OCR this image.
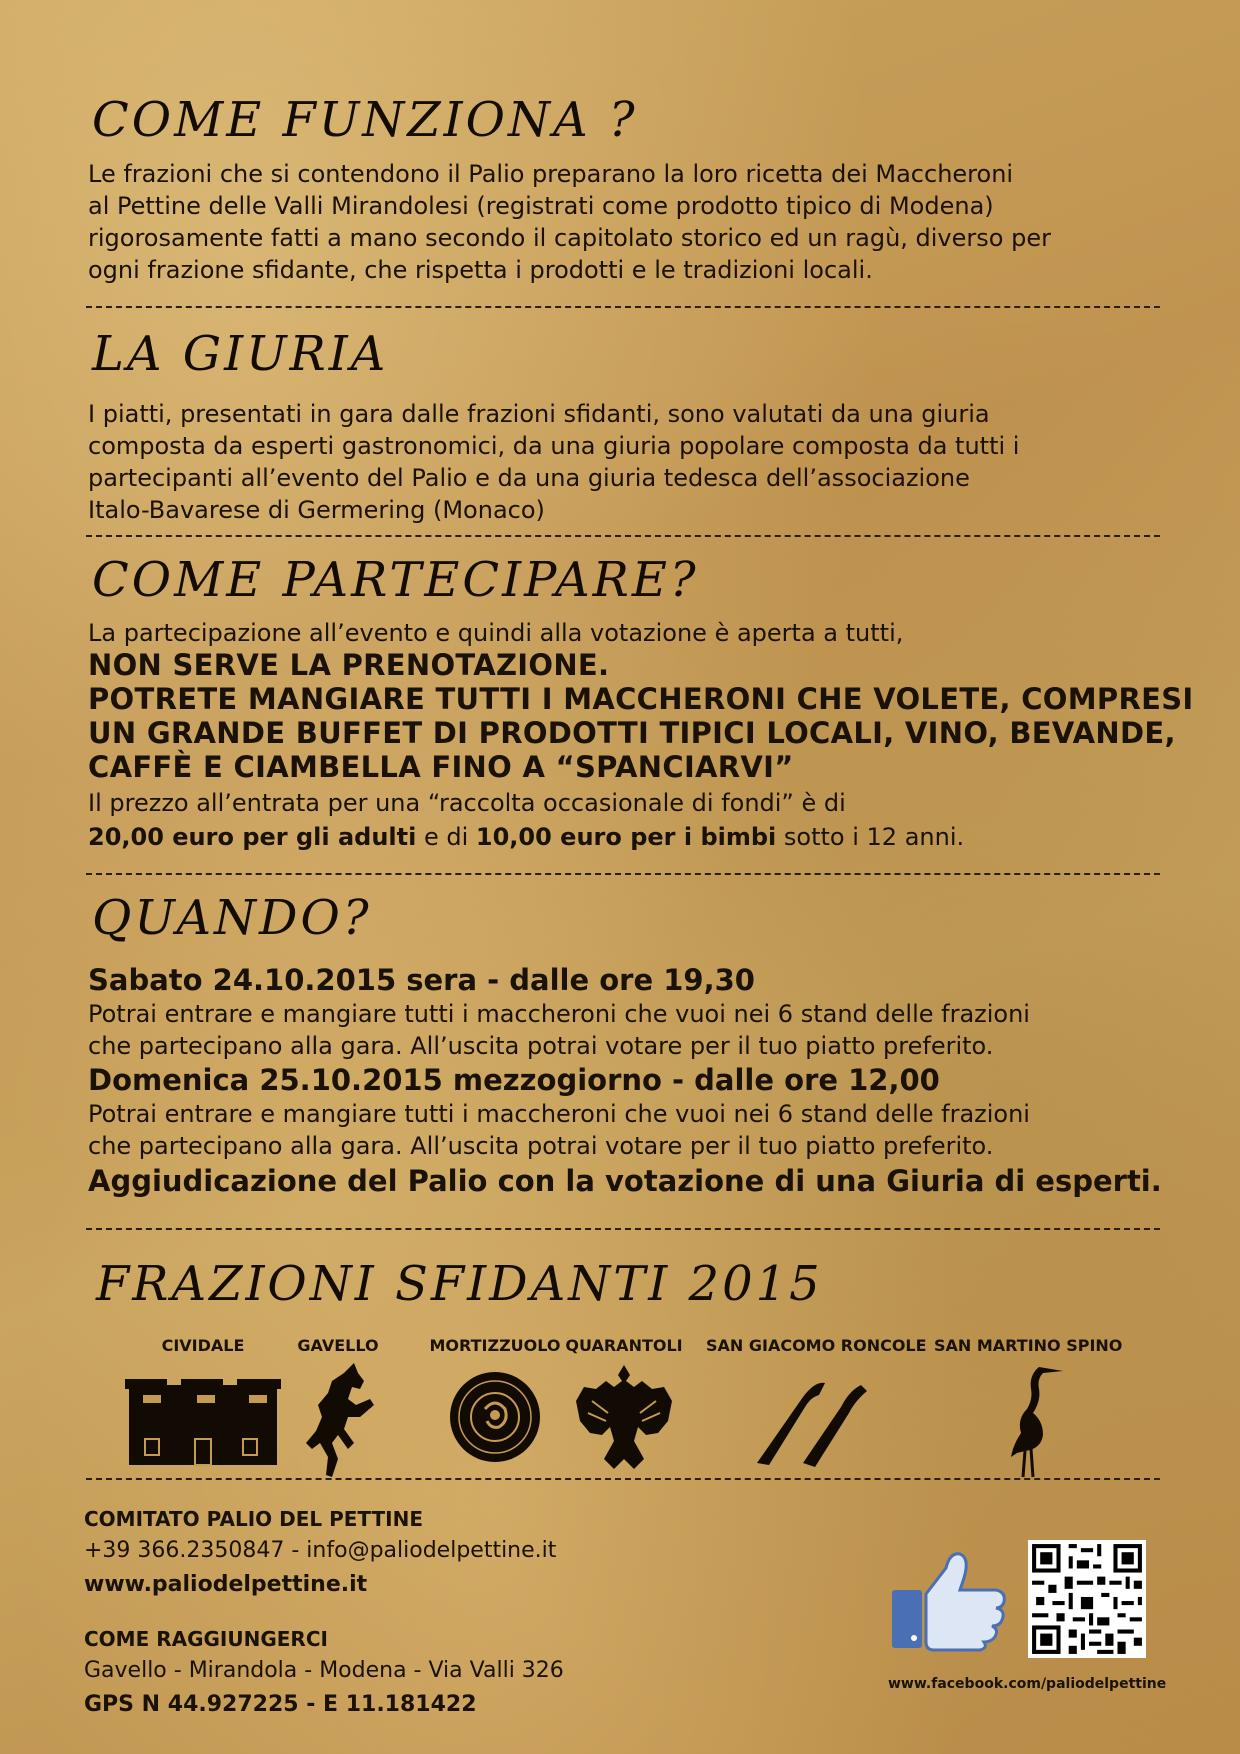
COME FUNZIONA ?

Le frazioni che si contendono il Palio preparano la loro ricetta dei Maccheroni

al Pettine delle Valli Mirandolesi (registrati come prodotto tipico di Modena)

rigorosamente fatti a mano secondo il capitolato storico ed un ragù, diverso per

ogni frazione sfidante, che rispetta i prodotti e le tradizioni locali.

LA GIURIA

I piatti, presentati in gara dalle frazioni sfidanti, sono valutati da una giuria

composta da esperti gastronomici, da una giuria popolare composta da tutti i

partecipanti all’evento del Palio e da una giuria tedesca dell’associazione

Italo-Bavarese di Germering (Monaco)

COME PARTECIPARE?

La partecipazione all’evento e quindi alla votazione è aperta a tutti,

NON SERVE LA PRENOTAZIONE.

POTRETE MANGIARE TUTTI I MACCHERONI CHE VOLETE, COMPRESI

UN GRANDE BUFFET DI PRODOTTI TIPICI LOCALI, VINO, BEVANDE,

CAFFÈ E CIAMBELLA FINO A “SPANCIARVI”

Il prezzo all’entrata per una “raccolta occasionale di fondi” è di

20,00 euro per gli adulti e di 10,00 euro per i bimbi sotto i 12 anni.

QUANDO?

Sabato 24.10.2015 sera - dalle ore 19,30

Potrai entrare e mangiare tutti i maccheroni che vuoi nei 6 stand delle frazioni

che partecipano alla gara. All’uscita potrai votare per il tuo piatto preferito.

Domenica 25.10.2015 mezzogiorno - dalle ore 12,00

Potrai entrare e mangiare tutti i maccheroni che vuoi nei 6 stand delle frazioni

che partecipano alla gara. All’uscita potrai votare per il tuo piatto preferito.

Aggiudicazione del Palio con la votazione di una Giuria di esperti.

FRAZIONI SFIDANTI 2015
CIVIDALE	GAVELLO	MORTIZZUOLO QUARANTOLI SAN GIACOMO RONCOLE SAN MARTINO SPINO

COMITATO PALIO DEL PETTINE

+39 366.2350847 - info@paliodelpettine.it

www.paliodelpettine.it

COME RAGGIUNGERCI

Gavello - Mirandola - Modena - Via Valli 326

GPS N 44.927225 - E 11.181422

www.facebook.com/paliodelpettine
